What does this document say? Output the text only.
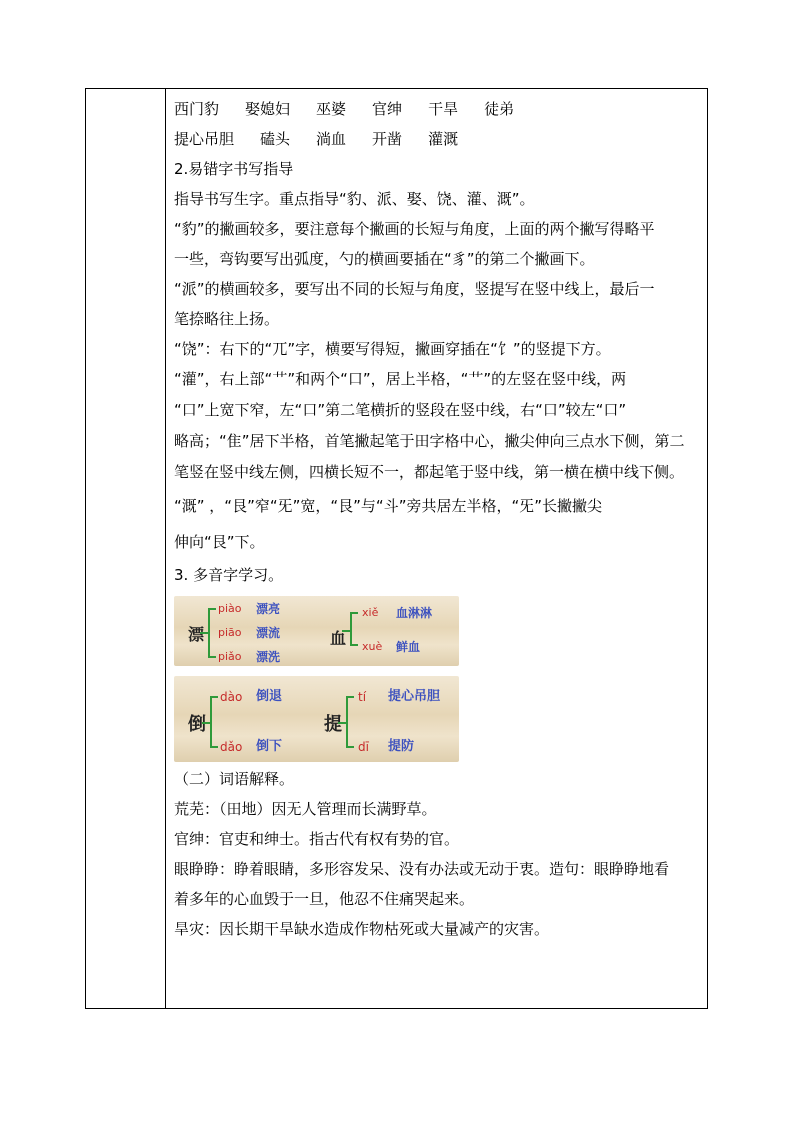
西门豹 娶媳妇 巫婆 官绅 干旱 徒弟
提心吊胆 磕头 淌血 开凿 灌溉
2.易错字书写指导
指导书写生字。重点指导“豹、派、娶、饶、灌、溉”。
“豹”的撇画较多，要注意每个撇画的长短与角度，上面的两个撇写得略平
一些，弯钩要写出弧度，勺的横画要插在“豸”的第二个撇画下。
“派”的横画较多，要写出不同的长短与角度，竖提写在竖中线上，最后一
笔捺略往上扬。
“饶”：右下的“兀”字，横要写得短，撇画穿插在“饣”的竖提下方。
“灌”，右上部“艹”和两个“口”，居上半格，“艹”的左竖在竖中线，两
“口”上宽下窄，左“口”第二笔横折的竖段在竖中线，右“口”较左“口”
略高；“隹”居下半格，首笔撇起笔于田字格中心，撇尖伸向三点水下侧，第二
笔竖在竖中线左侧，四横长短不一，都起笔于竖中线，第一横在横中线下侧。
“溉” ，“艮”窄“旡”宽，“艮”与“斗”旁共居左半格，“旡”长撇撇尖
伸向“艮”下。
3. 多音字学习。
漂
piào 漂亮
piāo 漂流
piǎo 漂洗
血
xiě 血淋淋
xuè 鲜血
倒
dào 倒退
dǎo 倒下
提
tí 提心吊胆
dī 提防
（二）词语解释。
荒芜：（田地）因无人管理而长满野草。
官绅：官吏和绅士。指古代有权有势的官。
眼睁睁：睁着眼睛，多形容发呆、没有办法或无动于衷。造句：眼睁睁地看
着多年的心血毁于一旦，他忍不住痛哭起来。
旱灾：因长期干旱缺水造成作物枯死或大量减产的灾害。
